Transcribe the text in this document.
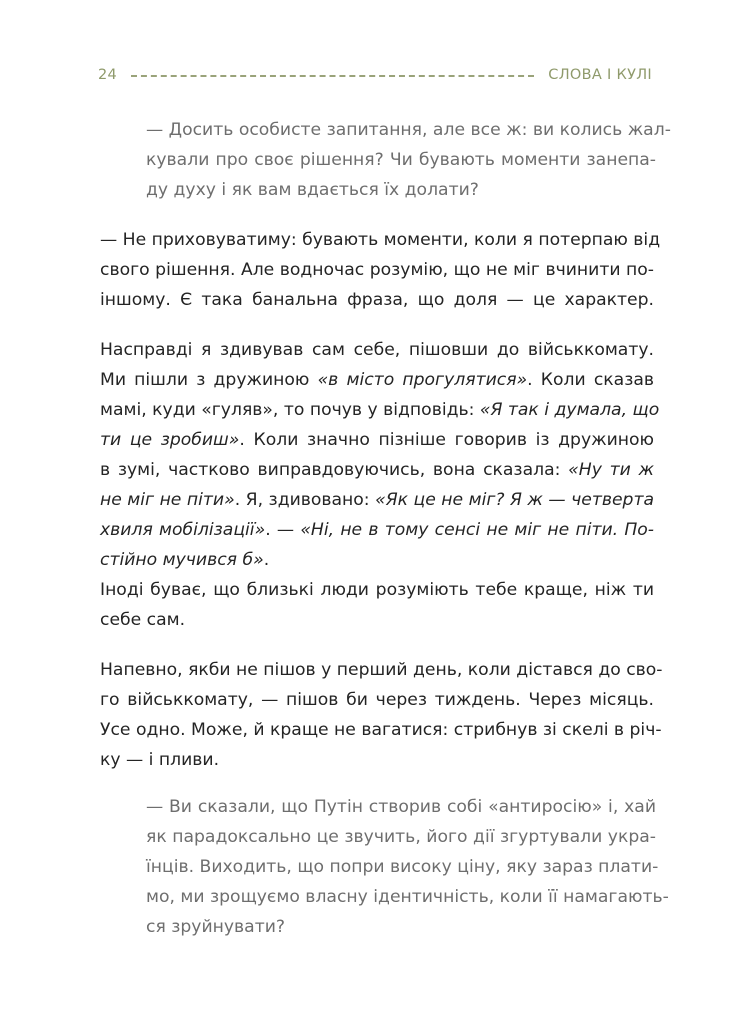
24	СЛОВА І КУЛІ
— Досить особисте запитання, але все ж: ви колись жал-
кували про своє рішення? Чи бувають моменти занепа-
ду духу і як вам вдається їх долати?
— Не приховуватиму: бувають моменти, коли я потерпаю від
свого рішення. Але водночас розумію, що не міг вчинити по-
іншому. Є така банальна фраза, що доля — це характер.
Насправді я здивував сам себе, пішовши до військкомату.
Ми пішли з дружиною «в місто прогулятися». Коли сказав
мамі, куди «гуляв», то почув у відповідь: «Я так і думала, що
ти це зробиш». Коли значно пізніше говорив із дружиною
в зумі, частково виправдовуючись, вона сказала: «Ну ти ж
не міг не піти». Я, здивовано: «Як це не міг? Я ж — четверта
хвиля мобілізації». — «Ні, не в тому сенсі не міг не піти. По-
стійно мучився б».
Іноді буває, що близькі люди розуміють тебе краще, ніж ти
себе сам.
Напевно, якби не пішов у перший день, коли дістався до сво-
го військкомату, — пішов би через тиждень. Через місяць.
Усе одно. Може, й краще не вагатися: стрибнув зі скелі в річ-
ку — і пливи.
— Ви сказали, що Путін створив собі «антиросію» і, хай
як парадоксально це звучить, його дії згуртували укра-
їнців. Виходить, що попри високу ціну, яку зараз плати-
мо, ми зрощуємо власну ідентичність, коли її намагають-
ся зруйнувати?
